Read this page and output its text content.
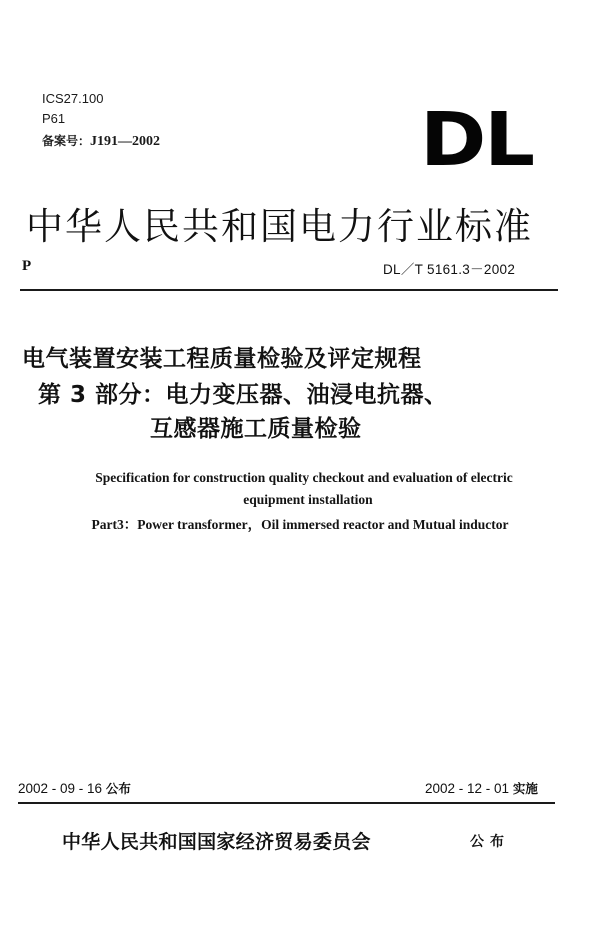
ICS27.100
P61
备案号：J191—2002	DL
中华人民共和国电力行业标准
P	DL／T 5161.3－2002
电气装置安装工程质量检验及评定规程
第 3 部分：电力变压器、油浸电抗器、
互感器施工质量检验
Specification for construction quality checkout and evaluation of electric
equipment installation
Part3：Power transformer，Oil immersed reactor and Mutual inductor
2002 - 09 - 16 公布	2002 - 12 - 01 实施
中华人民共和国国家经济贸易委员会	公布
